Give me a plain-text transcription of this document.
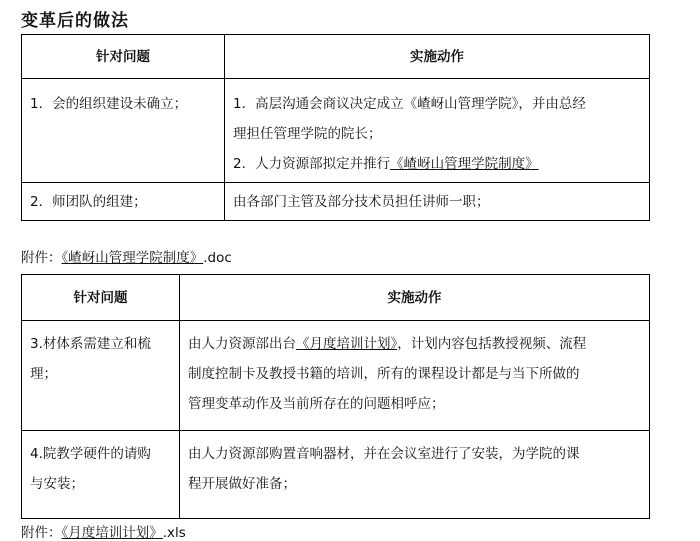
变革后的做法
针对问题	实施动作
1．会的组织建设未确立；	1．高层沟通会商议决定成立《嵖岈山管理学院》，并由总经
理担任管理学院的院长；
2．人力资源部拟定并推行《嵖岈山管理学院制度》

2．师团队的组建；	由各部门主管及部分技术员担任讲师一职；
附件：《嵖岈山管理学院制度》.doc
针对问题	实施动作

3.材体系需建立和梳
理；	由人力资源部出台《月度培训计划》，计划内容包括教授视频、流程
制度控制卡及教授书籍的培训，所有的课程设计都是与当下所做的
管理变革动作及当前所存在的问题相呼应；

4.院教学硬件的请购
与安装；	由人力资源部购置音响器材，并在会议室进行了安装，为学院的课
程开展做好准备；
附件：《月度培训计划》.xls
